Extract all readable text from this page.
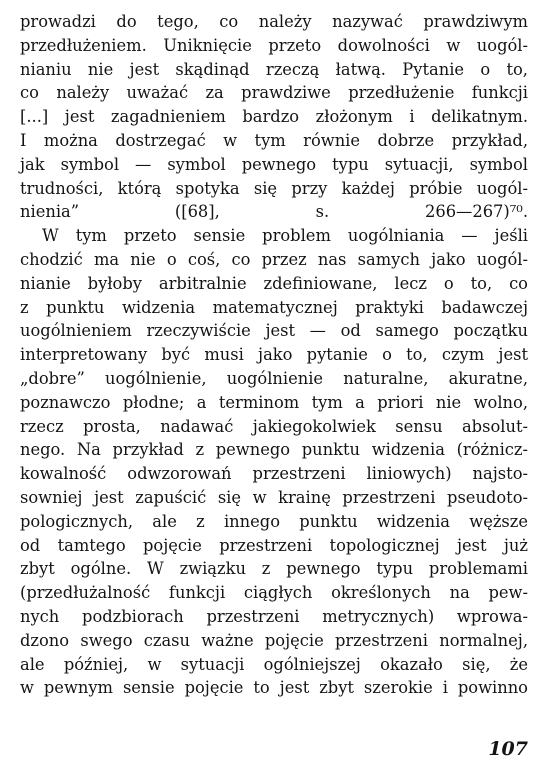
prowadzi do tego, co należy nazywać prawdziwym
przedłużeniem. Uniknięcie przeto dowolności w uogól-
nianiu nie jest skądinąd rzeczą łatwą. Pytanie o to,
co należy uważać za prawdziwe przedłużenie funkcji
[...] jest zagadnieniem bardzo złożonym i delikatnym.
I można dostrzegać w tym równie dobrze przykład,
jak symbol — symbol pewnego typu sytuacji, symbol
trudności, którą spotyka się przy każdej próbie uogól-
nienia” ([68], s. 266—267)⁷⁰.
W tym przeto sensie problem uogólniania — jeśli
chodzić ma nie o coś, co przez nas samych jako uogól-
nianie byłoby arbitralnie zdefiniowane, lecz o to, co
z punktu widzenia matematycznej praktyki badawczej
uogólnieniem rzeczywiście jest — od samego początku
interpretowany być musi jako pytanie o to, czym jest
„dobre” uogólnienie, uogólnienie naturalne, akuratne,
poznawczo płodne; a terminom tym a priori nie wolno,
rzecz prosta, nadawać jakiegokolwiek sensu absolut-
nego. Na przykład z pewnego punktu widzenia (różnicz-
kowalność odwzorowań przestrzeni liniowych) najsto-
sowniej jest zapuścić się w krainę przestrzeni pseudoto-
pologicznych, ale z innego punktu widzenia węższe
od tamtego pojęcie przestrzeni topologicznej jest już
zbyt ogólne. W związku z pewnego typu problemami
(przedłużalność funkcji ciągłych określonych na pew-
nych podzbiorach przestrzeni metrycznych) wprowa-
dzono swego czasu ważne pojęcie przestrzeni normalnej,
ale później, w sytuacji ogólniejszej okazało się, że
w pewnym sensie pojęcie to jest zbyt szerokie i powinno
107
